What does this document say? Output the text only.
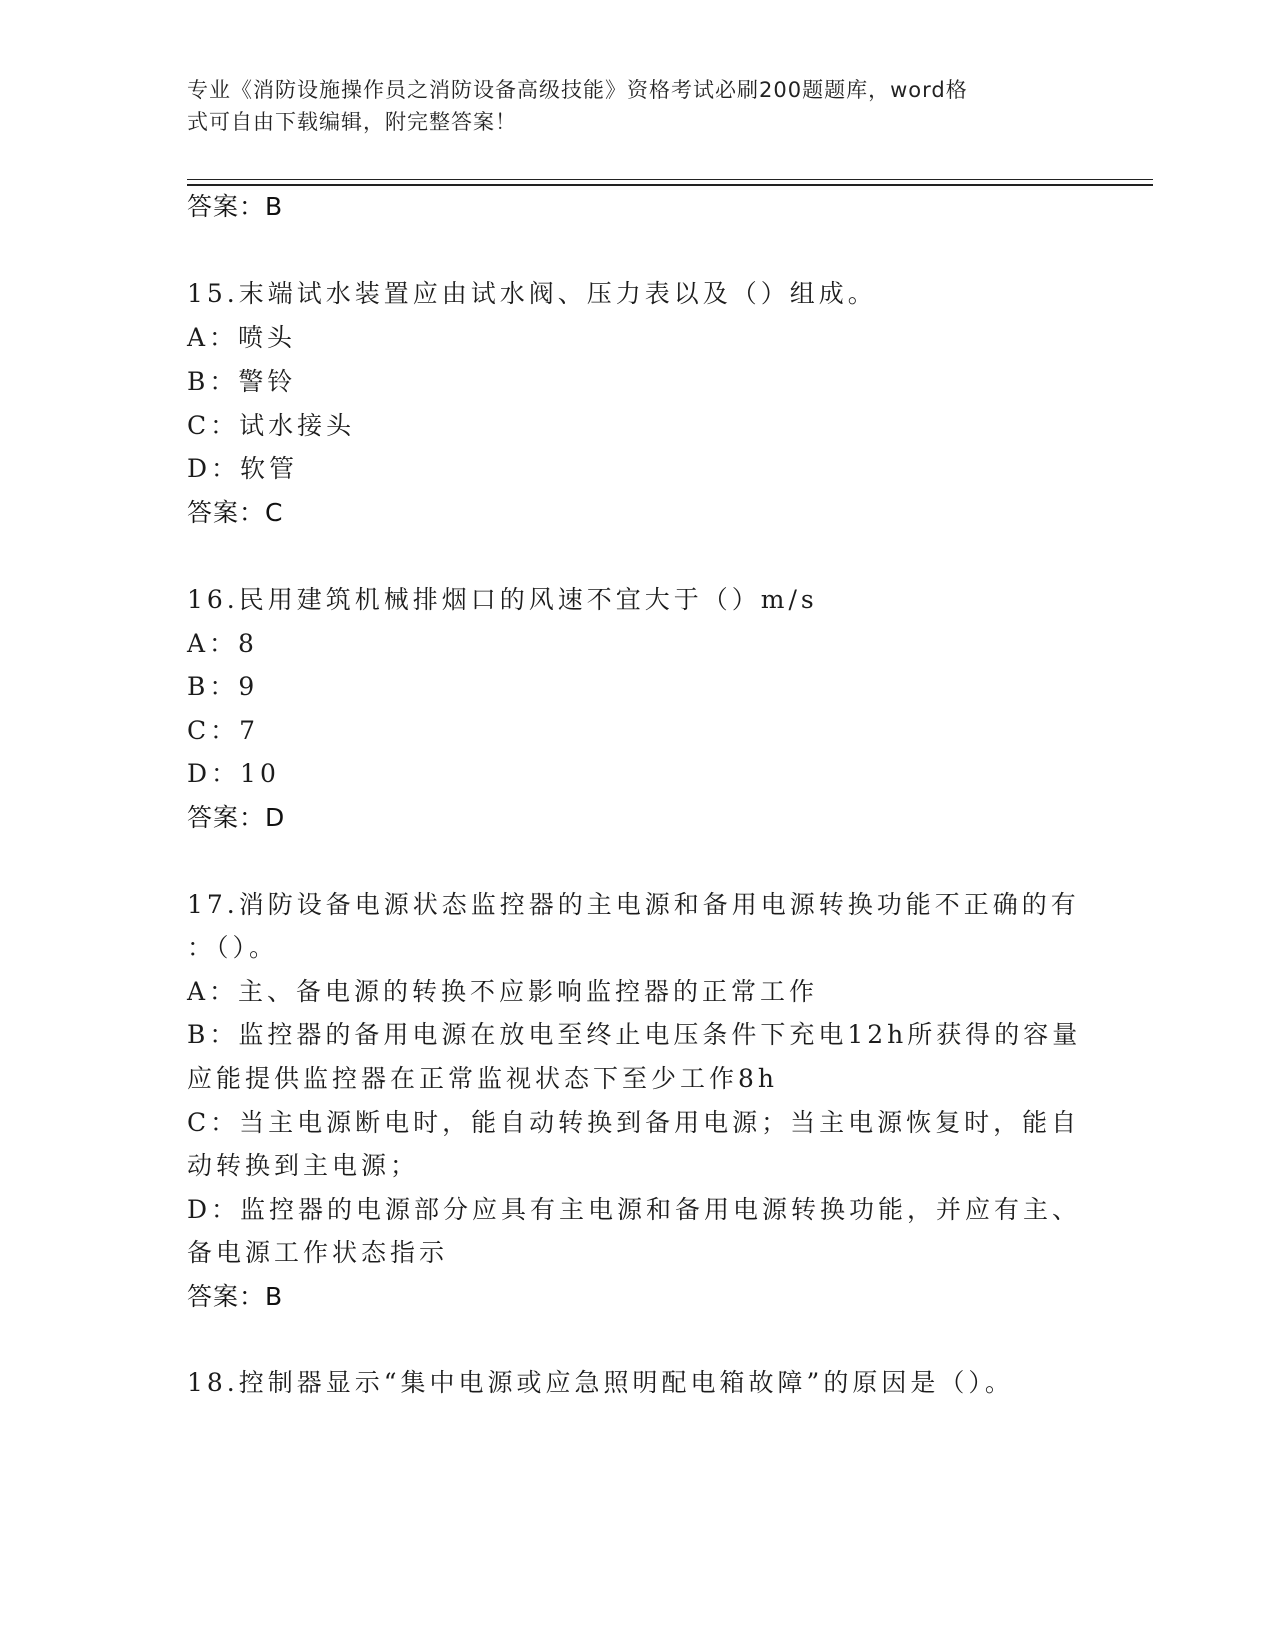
专业《消防设施操作员之消防设备高级技能》资格考试必刷200题题库，word格
式可自由下载编辑，附完整答案！
答案：B
15.末端试水装置应由试水阀、压力表以及（）组成。
A：喷头
B：警铃
C：试水接头
D：软管
答案：C
16.民用建筑机械排烟口的风速不宜大于（）m/s
A：8
B：9
C：7
D：10
答案：D
17.消防设备电源状态监控器的主电源和备用电源转换功能不正确的有
：（）。
A：主、备电源的转换不应影响监控器的正常工作
B：监控器的备用电源在放电至终止电压条件下充电12h所获得的容量
应能提供监控器在正常监视状态下至少工作8h
C：当主电源断电时，能自动转换到备用电源；当主电源恢复时，能自
动转换到主电源；
D：监控器的电源部分应具有主电源和备用电源转换功能，并应有主、
备电源工作状态指示
答案：B
18.控制器显示“集中电源或应急照明配电箱故障”的原因是（）。
